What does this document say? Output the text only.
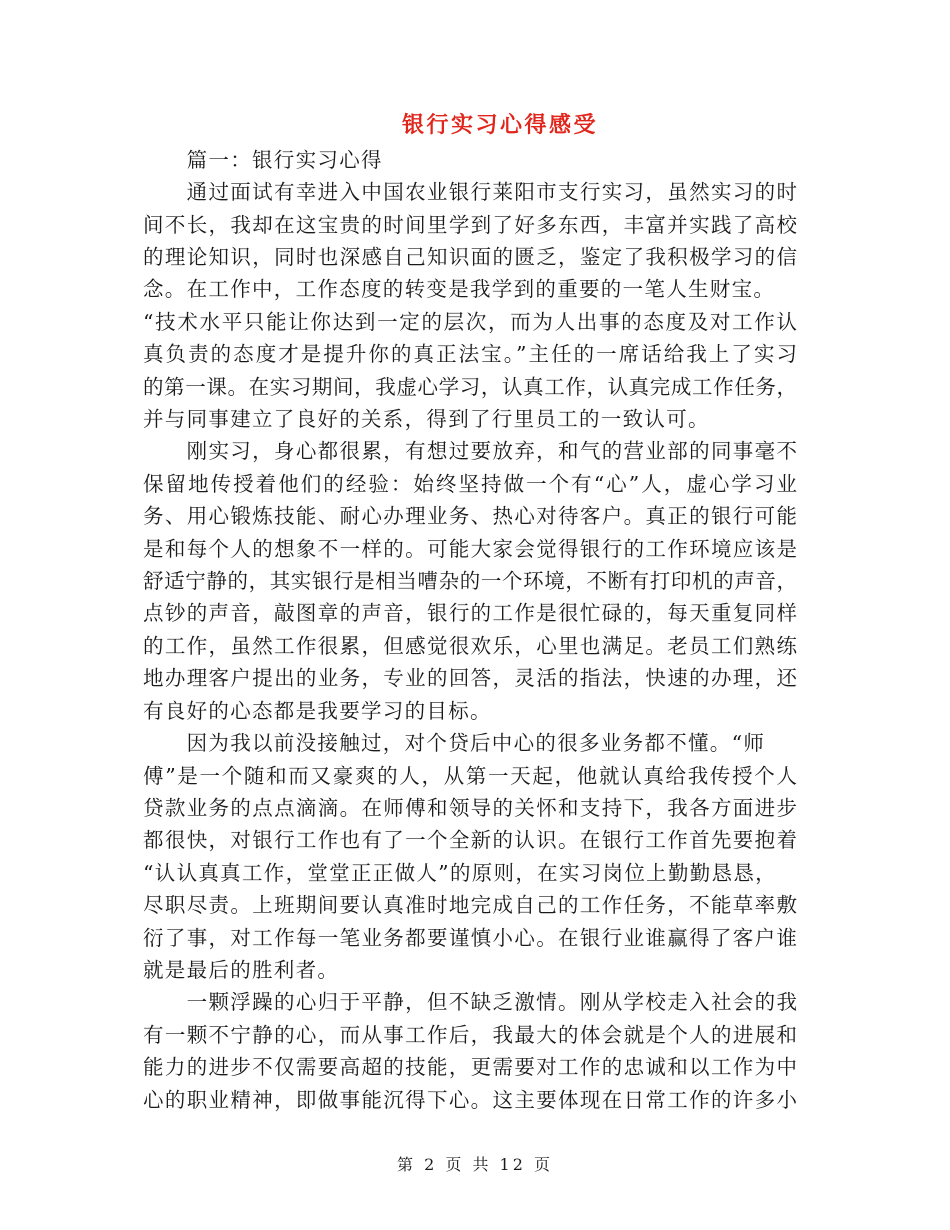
银行实习心得感受
篇一：银行实习心得
通过面试有幸进入中国农业银行莱阳市支行实习，虽然实习的时
间不长，我却在这宝贵的时间里学到了好多东西，丰富并实践了高校
的理论知识，同时也深感自己知识面的匮乏，鉴定了我积极学习的信
念。在工作中，工作态度的转变是我学到的重要的一笔人生财宝。
“技术水平只能让你达到一定的层次，而为人出事的态度及对工作认
真负责的态度才是提升你的真正法宝。”主任的一席话给我上了实习
的第一课。在实习期间，我虚心学习，认真工作，认真完成工作任务，
并与同事建立了良好的关系，得到了行里员工的一致认可。
刚实习，身心都很累，有想过要放弃，和气的营业部的同事毫不
保留地传授着他们的经验：始终坚持做一个有“心”人，虚心学习业
务、用心锻炼技能、耐心办理业务、热心对待客户。真正的银行可能
是和每个人的想象不一样的。可能大家会觉得银行的工作环境应该是
舒适宁静的，其实银行是相当嘈杂的一个环境，不断有打印机的声音，
点钞的声音，敲图章的声音，银行的工作是很忙碌的，每天重复同样
的工作，虽然工作很累，但感觉很欢乐，心里也满足。老员工们熟练
地办理客户提出的业务，专业的回答，灵活的指法，快速的办理，还
有良好的心态都是我要学习的目标。
因为我以前没接触过，对个贷后中心的很多业务都不懂。“师
傅”是一个随和而又豪爽的人，从第一天起，他就认真给我传授个人
贷款业务的点点滴滴。在师傅和领导的关怀和支持下，我各方面进步
都很快，对银行工作也有了一个全新的认识。在银行工作首先要抱着
“认认真真工作，堂堂正正做人”的原则，在实习岗位上勤勤恳恳，
尽职尽责。上班期间要认真准时地完成自己的工作任务，不能草率敷
衍了事，对工作每一笔业务都要谨慎小心。在银行业谁赢得了客户谁
就是最后的胜利者。
一颗浮躁的心归于平静，但不缺乏激情。刚从学校走入社会的我
有一颗不宁静的心，而从事工作后，我最大的体会就是个人的进展和
能力的进步不仅需要高超的技能，更需要对工作的忠诚和以工作为中
心的职业精神，即做事能沉得下心。这主要体现在日常工作的许多小
第 2 页 共 12 页
